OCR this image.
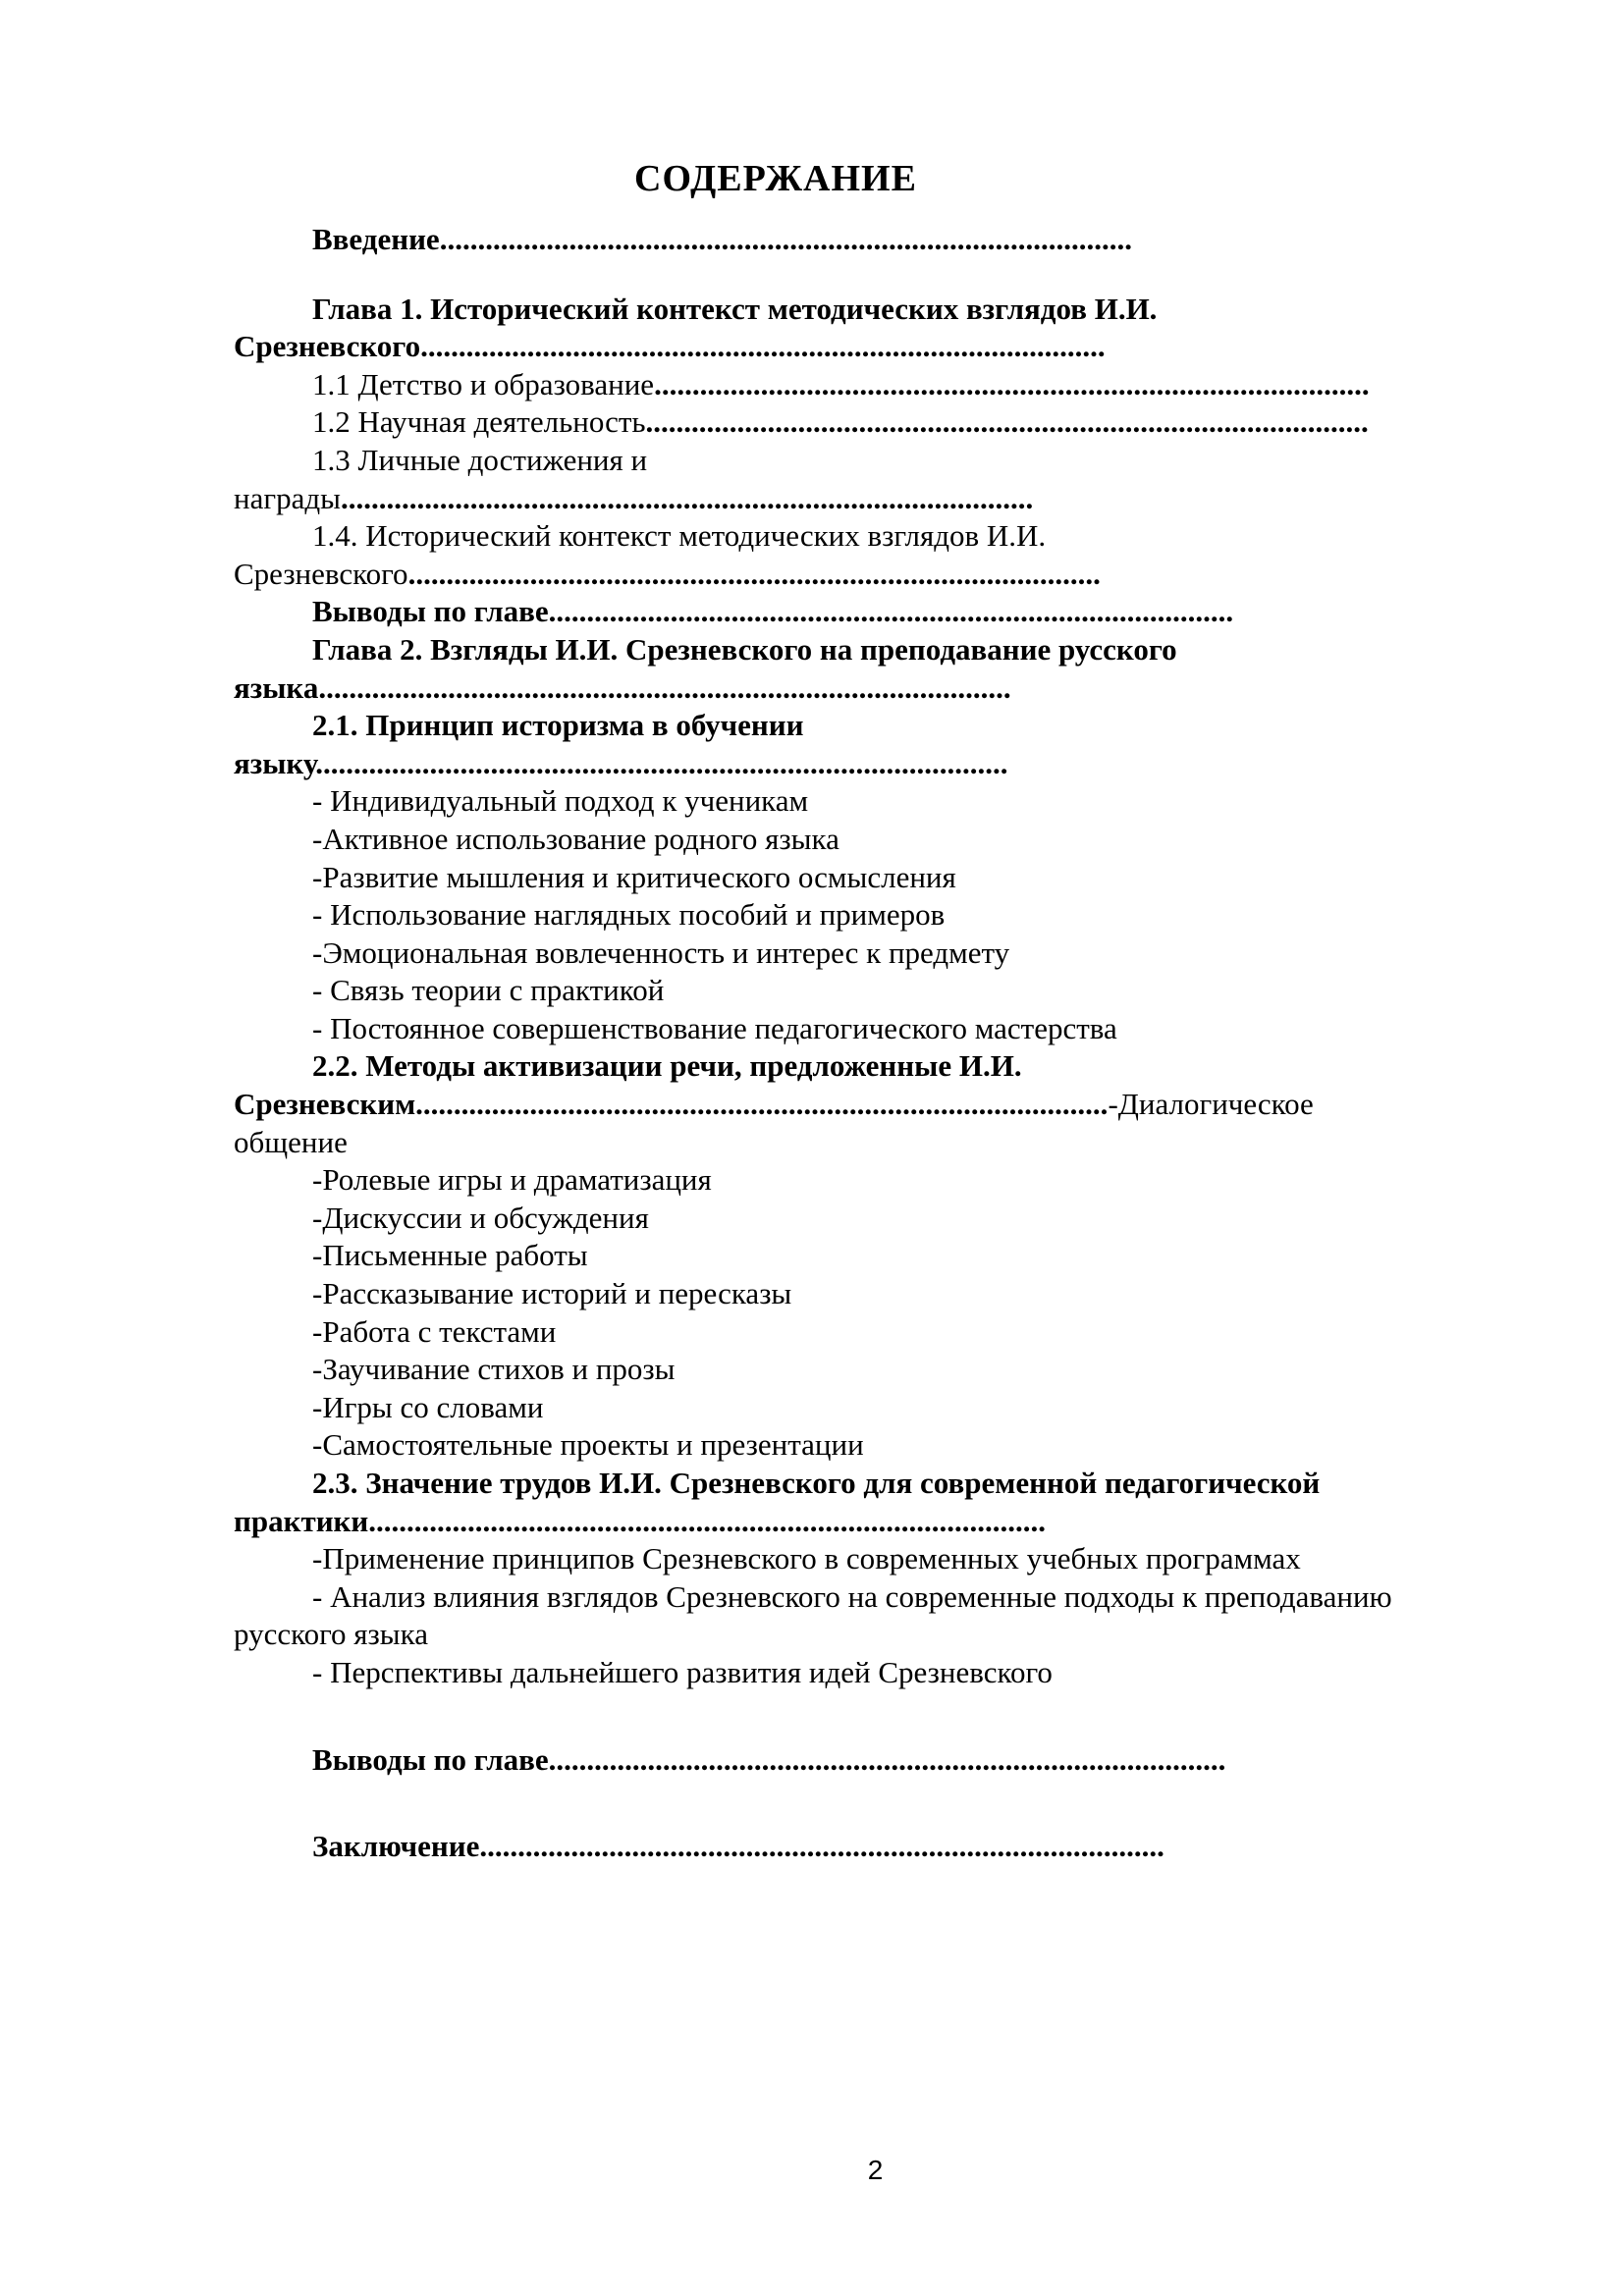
СОДЕРЖАНИЕ
Введение...........................................................................................
Глава 1. Исторический контекст методических взглядов И.И.
Срезневского..........................................................................................
1.1 Детство и образование..............................................................................................
1.2 Научная деятельность...............................................................................................
1.3 Личные достижения и
награды...........................................................................................
1.4. Исторический контекст методических взглядов И.И.
Срезневского...........................................................................................
Выводы по главе..........................................................................................
Глава 2. Взгляды И.И. Срезневского на преподавание русского
языка...........................................................................................
2.1. Принцип историзма в обучении
языку...........................................................................................
- Индивидуальный подход к ученикам
-Активное использование родного языка
-Развитие мышления и критического осмысления
- Использование наглядных пособий и примеров
-Эмоциональная вовлеченность и интерес к предмету
- Связь теории с практикой
- Постоянное совершенствование педагогического мастерства
2.2. Методы активизации речи, предложенные И.И.
Срезневским...........................................................................................-Диалогическое
общение
-Ролевые игры и драматизация
-Дискуссии и обсуждения
-Письменные работы
-Рассказывание историй и пересказы
-Работа с текстами
-Заучивание стихов и прозы
-Игры со словами
-Самостоятельные проекты и презентации
2.3. Значение трудов И.И. Срезневского для современной педагогической
практики.........................................................................................
-Применение принципов Срезневского в современных учебных программах
- Анализ влияния взглядов Срезневского на современные подходы к преподаванию
русского языка
- Перспективы дальнейшего развития идей Срезневского
Выводы по главе.........................................................................................
Заключение..........................................................................................
2
